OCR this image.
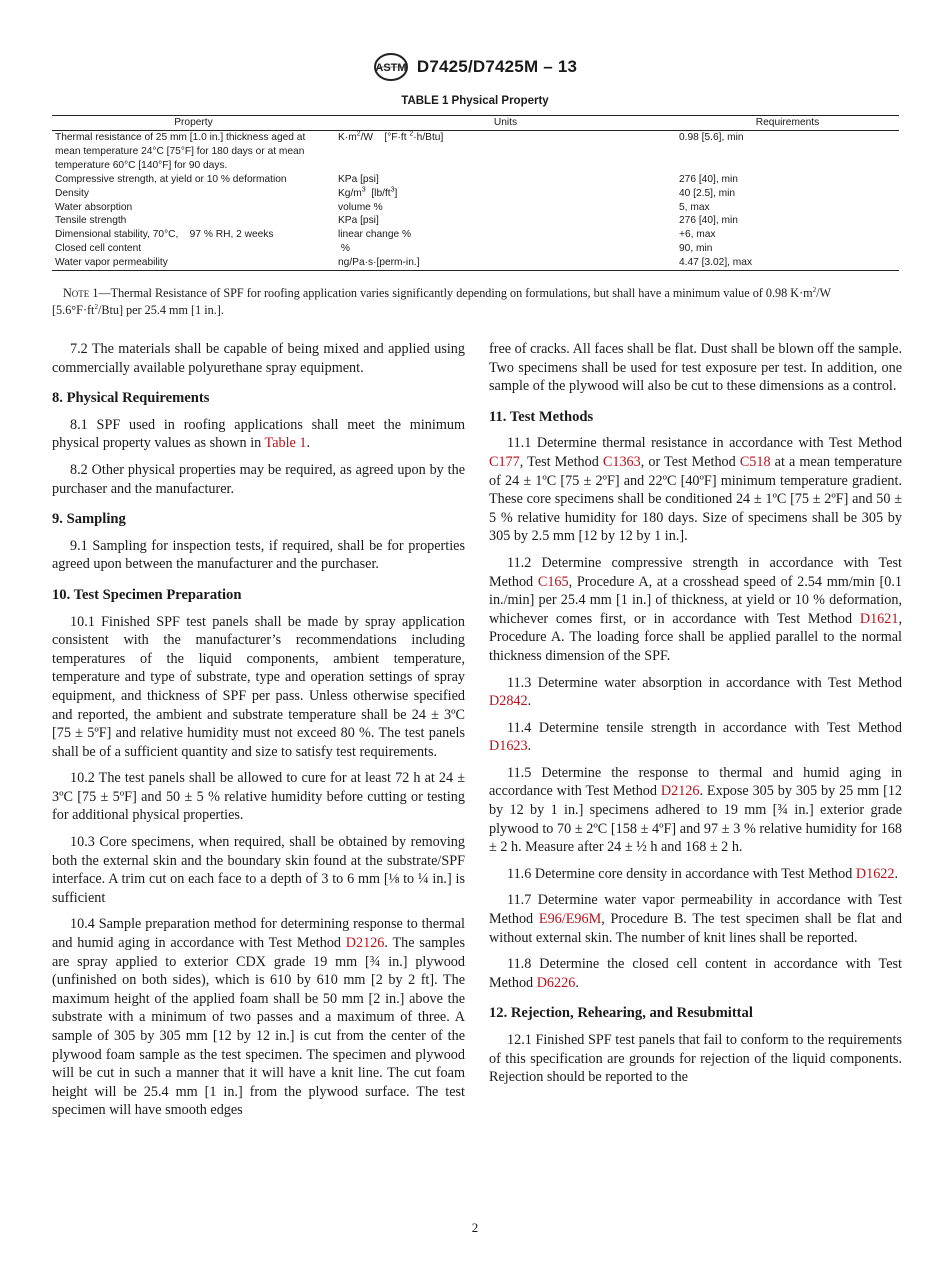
ASTM D7425/D7425M – 13
TABLE 1 Physical Property
Property	Units	Requirements
Thermal resistance of 25 mm [1.0 in.] thickness aged at mean temperature 24°C [75°F] for 180 days or at mean temperature 60°C [140°F] for 90 days.	$K\cdot m^2/W$    [°F·ft $^2$·h/Btu]	0.98 [5.6], min
Compressive strength, at yield or 10 % deformation	KPa [psi]	276 [40], min
Density	$Kg/m^3$  $[lb/ft^3]$	40 [2.5], min
Water absorption	volume %	5, max
Tensile strength	KPa [psi]	276 [40], min
Dimensional stability, 70°C,    97 % RH, 2 weeks	linear change %	+6, max
Closed cell content	%	90, min
Water vapor permeability	ng/Pa·s·[perm-in.]	4.47 [3.02], max
Note 1—Thermal Resistance of SPF for roofing application varies significantly depending on formulations, but shall have a minimum value of 0.98 $K\cdot m^2/W$ $[5.6^\circ F\cdot ft^2/Btu]$ per 25.4 mm [1 in.].

7.2 The materials shall be capable of being mixed and applied using commercially available polyurethane spray equipment.

8. Physical Requirements

8.1 SPF used in roofing applications shall meet the minimum physical property values as shown in Table 1.

8.2 Other physical properties may be required, as agreed upon by the purchaser and the manufacturer.

9. Sampling

9.1 Sampling for inspection tests, if required, shall be for properties agreed upon between the manufacturer and the purchaser.

10. Test Specimen Preparation

10.1 Finished SPF test panels shall be made by spray application consistent with the manufacturer’s recommendations including temperatures of the liquid components, ambient temperature, temperature and type of substrate, type and operation settings of spray equipment, and thickness of SPF per pass. Unless otherwise specified and reported, the ambient and substrate temperature shall be 24 ± 3ºC [75 ± 5ºF] and relative humidity must not exceed 80 %. The test panels shall be of a sufficient quantity and size to satisfy test requirements.

10.2 The test panels shall be allowed to cure for at least 72 h at 24 ± 3ºC [75 ± 5ºF] and 50 ± 5 % relative humidity before cutting or testing for additional physical properties.

10.3 Core specimens, when required, shall be obtained by removing both the external skin and the boundary skin found at the substrate/SPF interface. A trim cut on each face to a depth of 3 to 6 mm [⅛ to ¼ in.] is sufficient

10.4 Sample preparation method for determining response to thermal and humid aging in accordance with Test Method D2126. The samples are spray applied to exterior CDX grade 19 mm [¾ in.] plywood (unfinished on both sides), which is 610 by 610 mm [2 by 2 ft]. The maximum height of the applied foam shall be 50 mm [2 in.] above the substrate with a minimum of two passes and a maximum of three. A sample of 305 by 305 mm [12 by 12 in.] is cut from the center of the plywood foam sample as the test specimen. The specimen and plywood will be cut in such a manner that it will have a knit line. The cut foam height will be 25.4 mm [1 in.] from the plywood surface. The test specimen will have smooth edges

free of cracks. All faces shall be flat. Dust shall be blown off the sample. Two specimens shall be used for test exposure per test. In addition, one sample of the plywood will also be cut to these dimensions as a control.

11. Test Methods

11.1 Determine thermal resistance in accordance with Test Method C177, Test Method C1363, or Test Method C518 at a mean temperature of 24 ± 1ºC [75 ± 2ºF] and 22ºC [40ºF] minimum temperature gradient. These core specimens shall be conditioned 24 ± 1ºC [75 ± 2ºF] and 50 ± 5 % relative humidity for 180 days. Size of specimens shall be 305 by 305 by 2.5 mm [12 by 12 by 1 in.].

11.2 Determine compressive strength in accordance with Test Method C165, Procedure A, at a crosshead speed of 2.54 mm/min [0.1 in./min] per 25.4 mm [1 in.] of thickness, at yield or 10 % deformation, whichever comes first, or in accordance with Test Method D1621, Procedure A. The loading force shall be applied parallel to the normal thickness dimension of the SPF.

11.3 Determine water absorption in accordance with Test Method D2842.

11.4 Determine tensile strength in accordance with Test Method D1623.

11.5 Determine the response to thermal and humid aging in accordance with Test Method D2126. Expose 305 by 305 by 25 mm [12 by 12 by 1 in.] specimens adhered to 19 mm [¾ in.] exterior grade plywood to 70 ± 2ºC [158 ± 4ºF] and 97 ± 3 % relative humidity for 168 ± 2 h. Measure after 24 ± ½ h and 168 ± 2 h.

11.6 Determine core density in accordance with Test Method D1622.

11.7 Determine water vapor permeability in accordance with Test Method E96/E96M, Procedure B. The test specimen shall be flat and without external skin. The number of knit lines shall be reported.

11.8 Determine the closed cell content in accordance with Test Method D6226.

12. Rejection, Rehearing, and Resubmittal

12.1 Finished SPF test panels that fail to conform to the requirements of this specification are grounds for rejection of the liquid components. Rejection should be reported to the

2
